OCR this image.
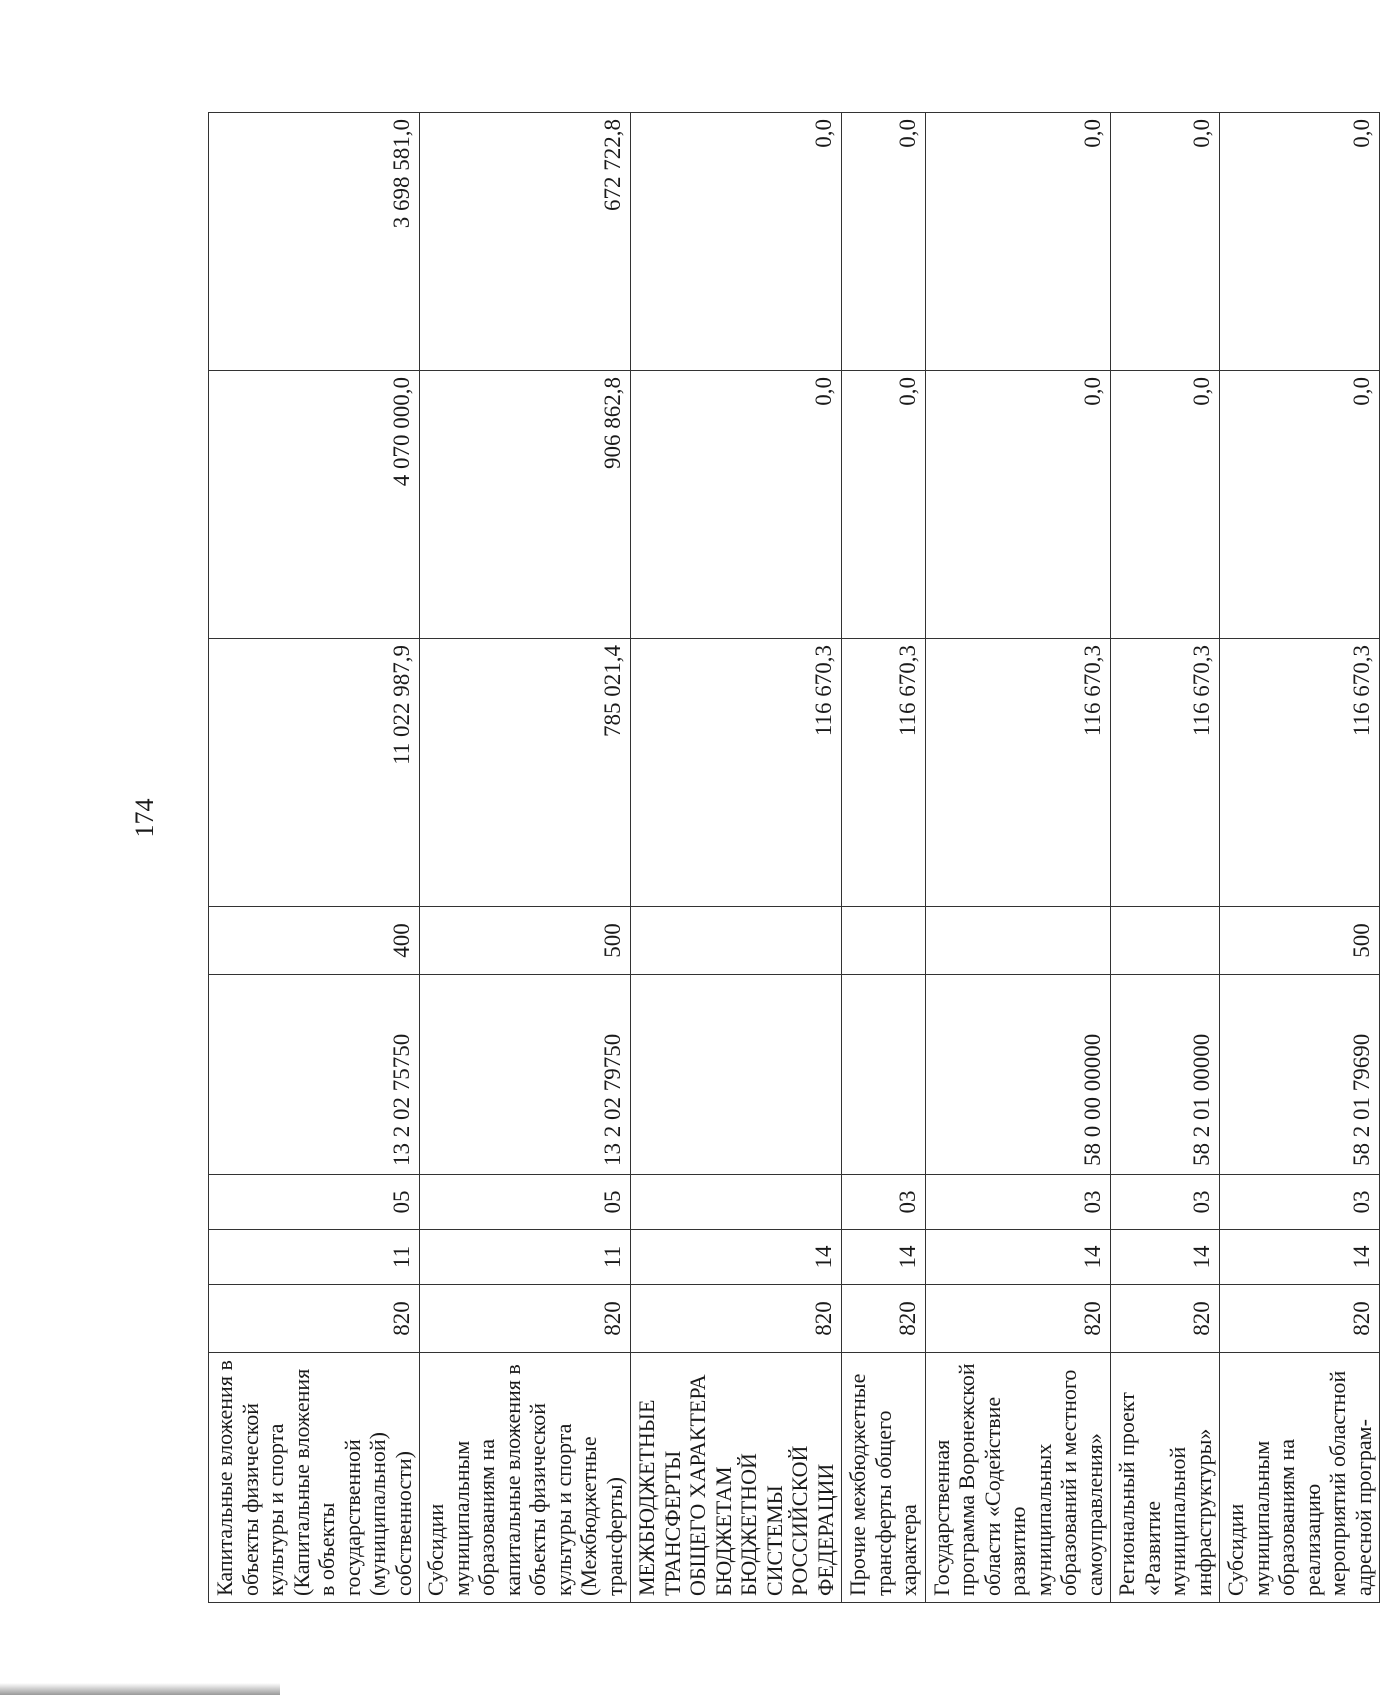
174
Капитальные вложения в объекты физической культуры и спорта (Капитальные вложения в объекты государственной (муниципальной) собственности)	820	11	05	13 2 02 75750	400	11 022 987,9	4 070 000,0	3 698 581,0
Субсидии муниципальным образованиям на капитальные вложения в объекты физической культуры и спорта (Межбюджетные трансферты)	820	11	05	13 2 02 79750	500	785 021,4	906 862,8	672 722,8
МЕЖБЮДЖЕТНЫЕ ТРАНСФЕРТЫ ОБЩЕГО ХАРАКТЕРА БЮДЖЕТАМ БЮДЖЕТНОЙ СИСТЕМЫ РОССИЙСКОЙ ФЕДЕРАЦИИ	820	14				116 670,3	0,0	0,0
Прочие межбюджетные трансферты общего характера	820	14	03			116 670,3	0,0	0,0
Государственная программа Воронежской области «Содействие развитию муниципальных образований и местного самоуправления»	820	14	03	58 0 00 00000		116 670,3	0,0	0,0
Региональный проект «Развитие муниципальной инфраструктуры»	820	14	03	58 2 01 00000		116 670,3	0,0	0,0
Субсидии муниципальным образованиям на реализацию мероприятий областной адресной програм-	820	14	03	58 2 01 79690	500	116 670,3	0,0	0,0
